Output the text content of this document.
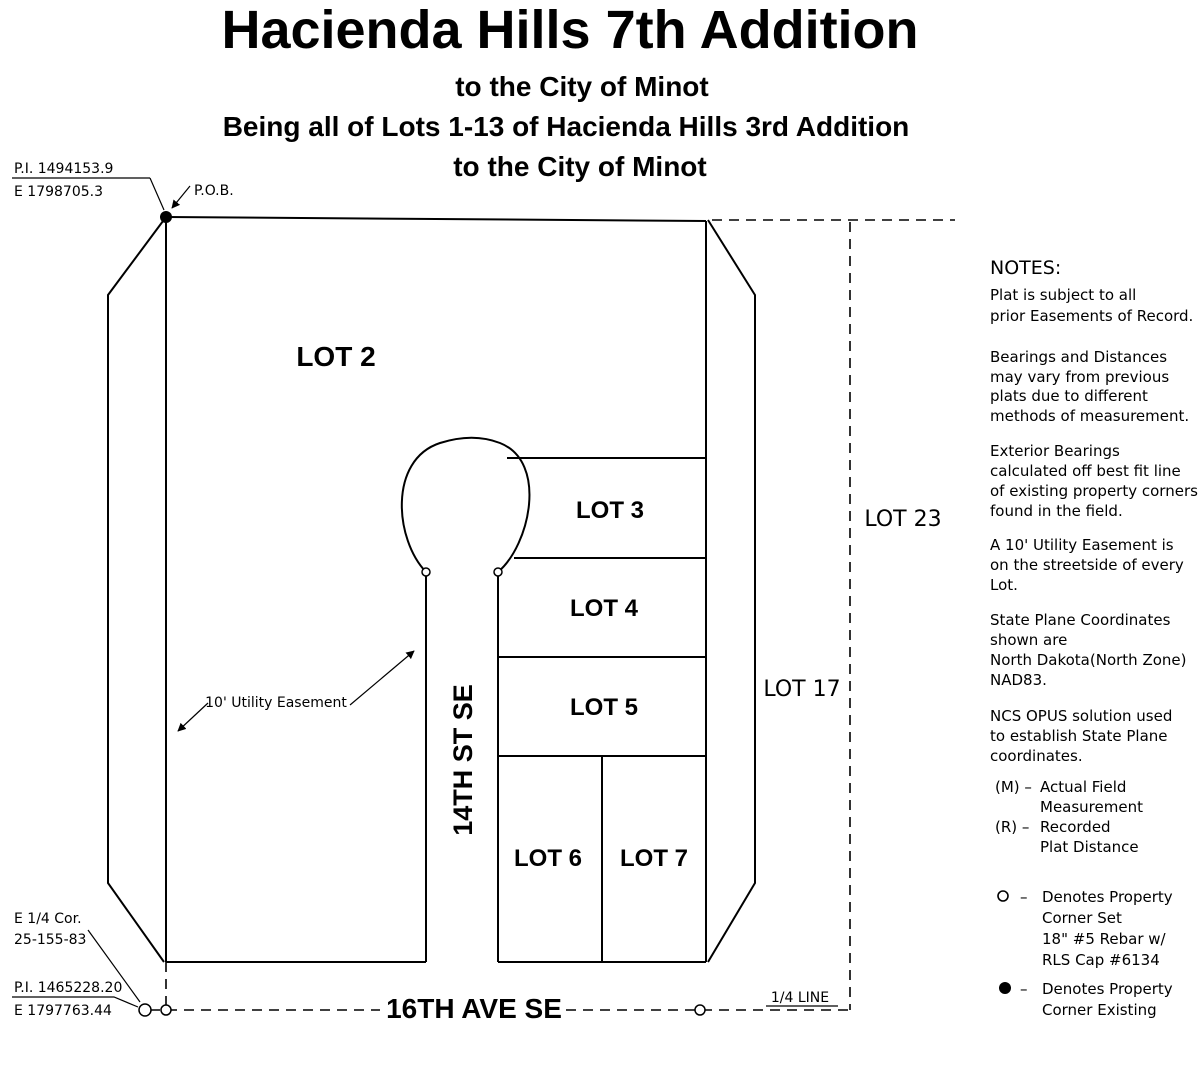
Hacienda Hills 7th Addition
to the City of Minot
Being all of Lots 1-13 of Hacienda Hills 3rd Addition
to the City of Minot
P.I. 1494153.9
E 1798705.3	P.O.B.
LOT 2
LOT 3
LOT 4
LOT 5
LOT 6 LOT 7
LOT 17
LOT 23
14TH ST SE
16TH AVE SE
10' Utility Easement
1/4 LINE
E 1/4 Cor.
25-155-83
P.I. 1465228.20
E 1797763.44
NOTES:
Plat is subject to all
prior Easements of Record.
Bearings and Distances
may vary from previous
plats due to different
methods of measurement.
Exterior Bearings
calculated off best fit line
of existing property corners
found in the field.
A 10' Utility Easement is
on the streetside of every
Lot.
State Plane Coordinates
shown are
North Dakota(North Zone)
NAD83.
NCS OPUS solution used
to establish State Plane
coordinates.
(M) – Actual Field
Measurement
(R) – Recorded
Plat Distance
– Denotes Property
Corner Set
18" #5 Rebar w/
RLS Cap #6134
– Denotes Property
Corner Existing
